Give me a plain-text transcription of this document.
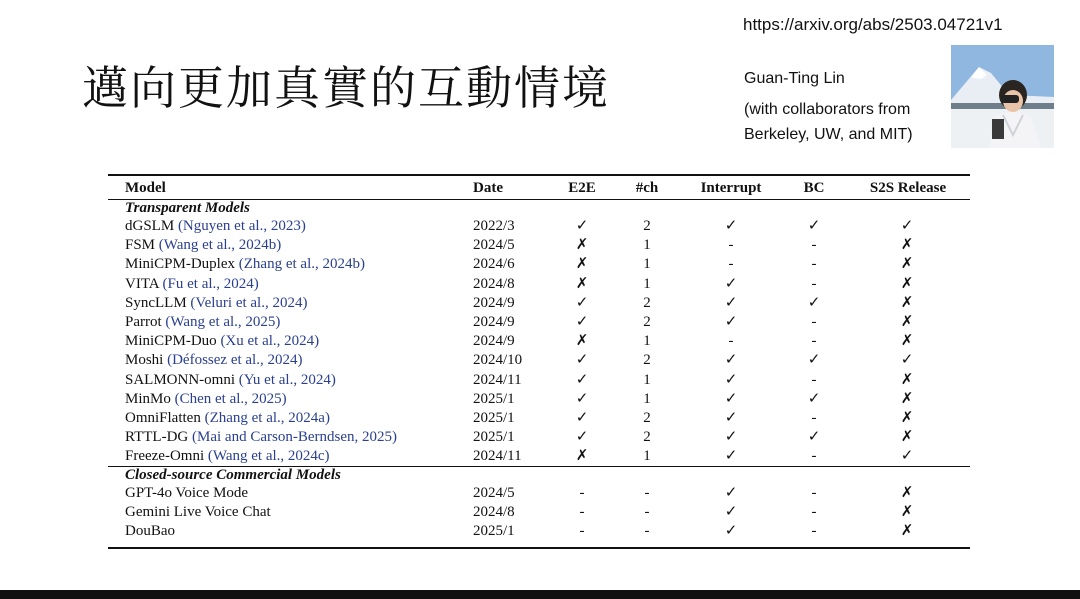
邁向更加真實的互動情境
https://arxiv.org/abs/2503.04721v1
Guan-Ting Lin
(with collaborators from Berkeley, UW, and MIT)
Model	Date	E2E	#ch	Interrupt	BC	S2S Release
Transparent Models
dGSLM (Nguyen et al., 2023)	2022/3	✓	2	✓	✓	✓
FSM (Wang et al., 2024b)	2024/5	✗	1	-	-	✗
MiniCPM-Duplex (Zhang et al., 2024b)	2024/6	✗	1	-	-	✗
VITA (Fu et al., 2024)	2024/8	✗	1	✓	-	✗
SyncLLM (Veluri et al., 2024)	2024/9	✓	2	✓	✓	✗
Parrot (Wang et al., 2025)	2024/9	✓	2	✓	-	✗
MiniCPM-Duo (Xu et al., 2024)	2024/9	✗	1	-	-	✗
Moshi (Défossez et al., 2024)	2024/10	✓	2	✓	✓	✓
SALMONN-omni (Yu et al., 2024)	2024/11	✓	1	✓	-	✗
MinMo (Chen et al., 2025)	2025/1	✓	1	✓	✓	✗
OmniFlatten (Zhang et al., 2024a)	2025/1	✓	2	✓	-	✗
RTTL-DG (Mai and Carson-Berndsen, 2025)	2025/1	✓	2	✓	✓	✗
Freeze-Omni (Wang et al., 2024c)	2024/11	✗	1	✓	-	✓
Closed-source Commercial Models
GPT-4o Voice Mode	2024/5	-	-	✓	-	✗
Gemini Live Voice Chat	2024/8	-	-	✓	-	✗
DouBao	2025/1	-	-	✓	-	✗
